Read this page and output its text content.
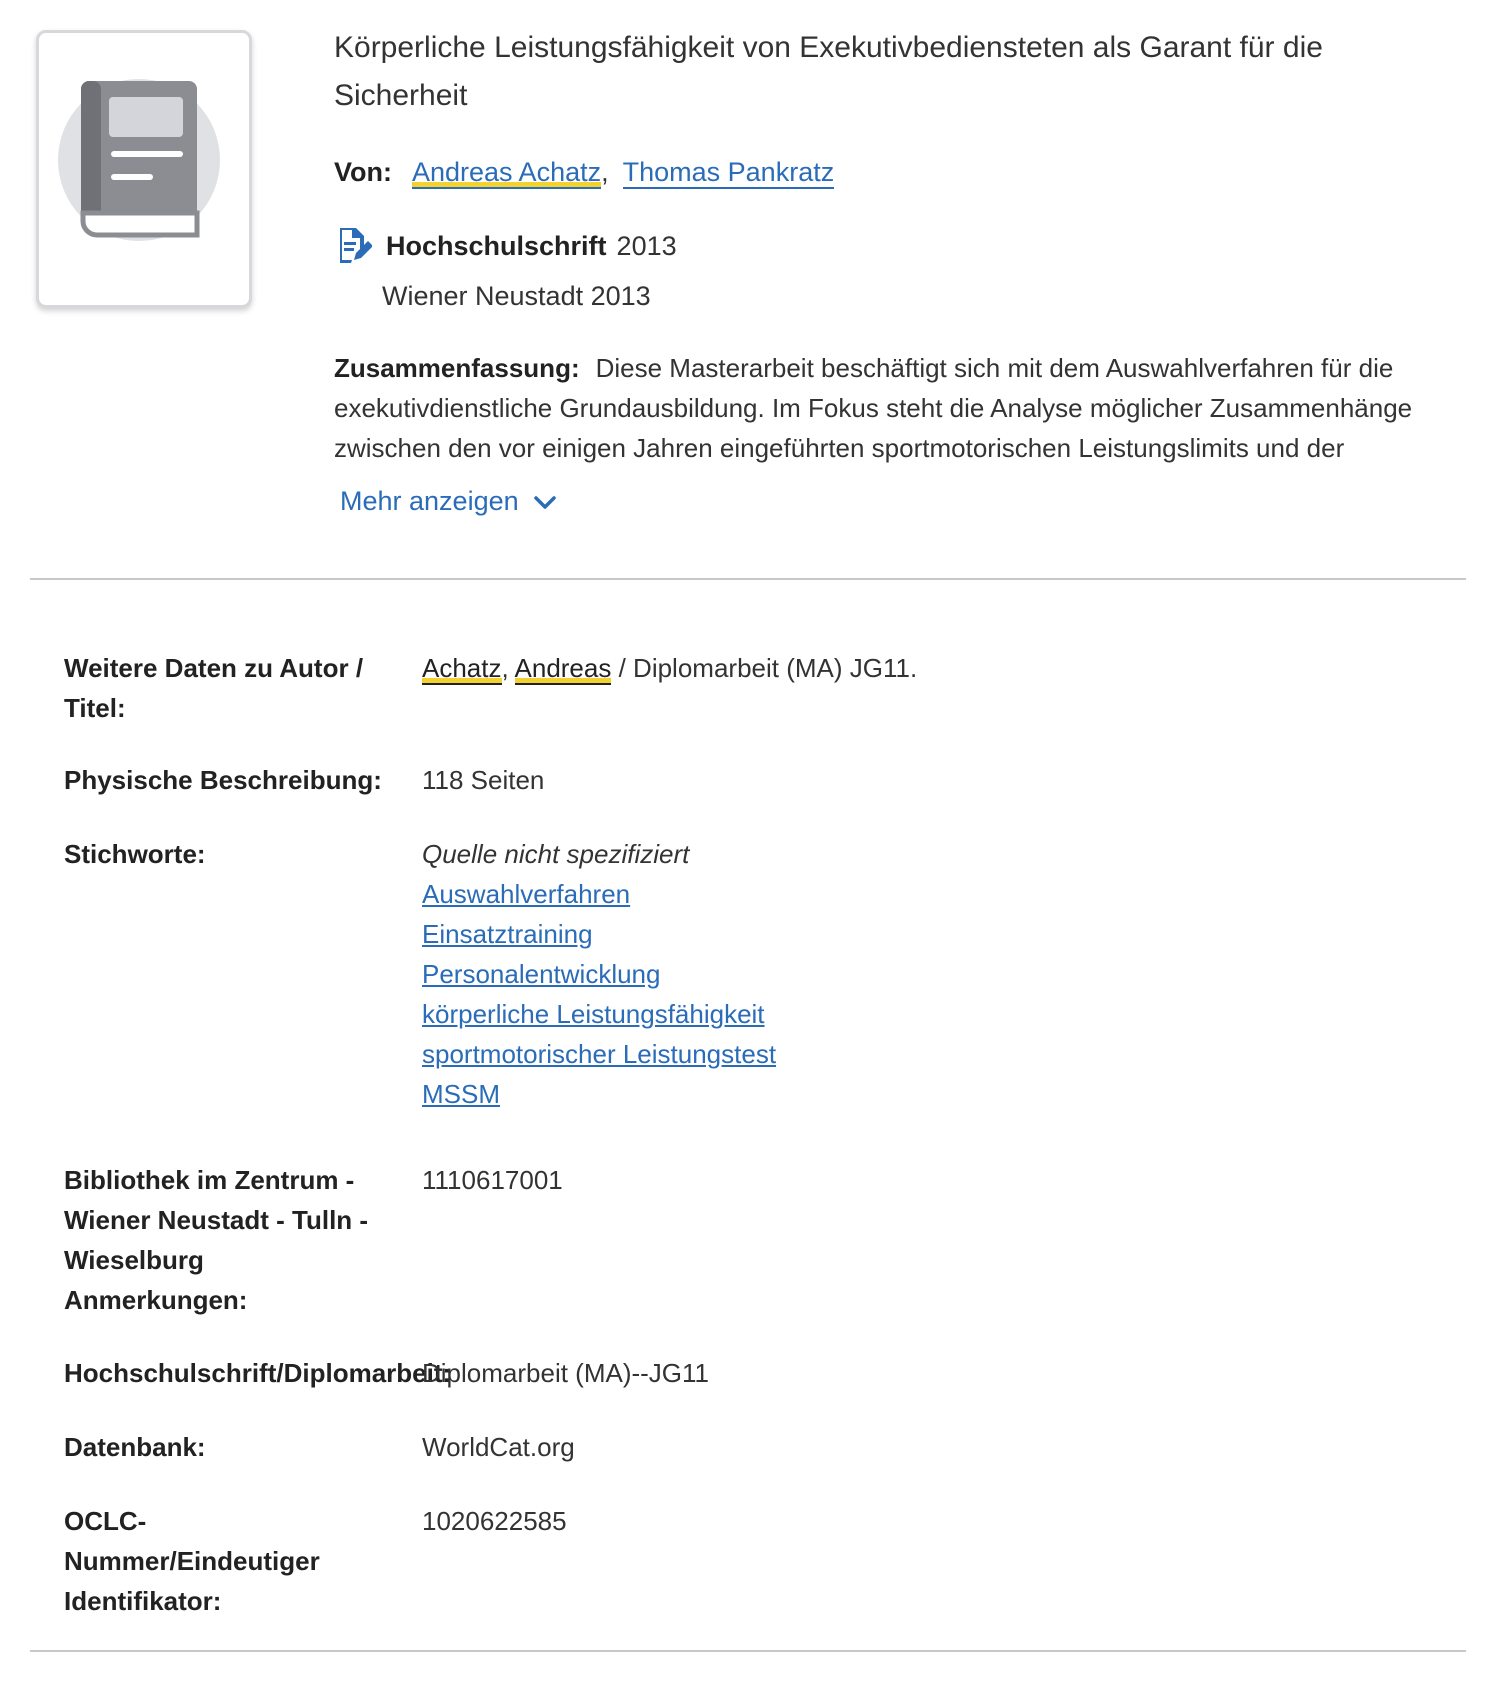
Körperliche Leistungsfähigkeit von Exekutivbediensteten als Garant für die Sicherheit
Von: Andreas Achatz, Thomas Pankratz
Hochschulschrift 2013
Wiener Neustadt 2013
Zusammenfassung: Diese Masterarbeit beschäftigt sich mit dem Auswahlverfahren für die exekutivdienstliche Grundausbildung. Im Fokus steht die Analyse möglicher Zusammenhänge zwischen den vor einigen Jahren eingeführten sportmotorischen Leistungslimits und der
Mehr anzeigen
Weitere Daten zu Autor / Titel:
Achatz, Andreas / Diplomarbeit (MA) JG11.
Physische Beschreibung:	118 Seiten
Stichworte:	Quelle nicht spezifiziert
Auswahlverfahren
Einsatztraining
Personalentwicklung
körperliche Leistungsfähigkeit
sportmotorischer Leistungstest
MSSM
Bibliothek im Zentrum - Wiener Neustadt - Tulln - Wieselburg Anmerkungen:
1110617001
Hochschulschrift/Diplomarbeit:
Diplomarbeit (MA)--JG11
Datenbank:	WorldCat.org
OCLC-Nummer/Eindeutiger Identifikator:
1020622585
